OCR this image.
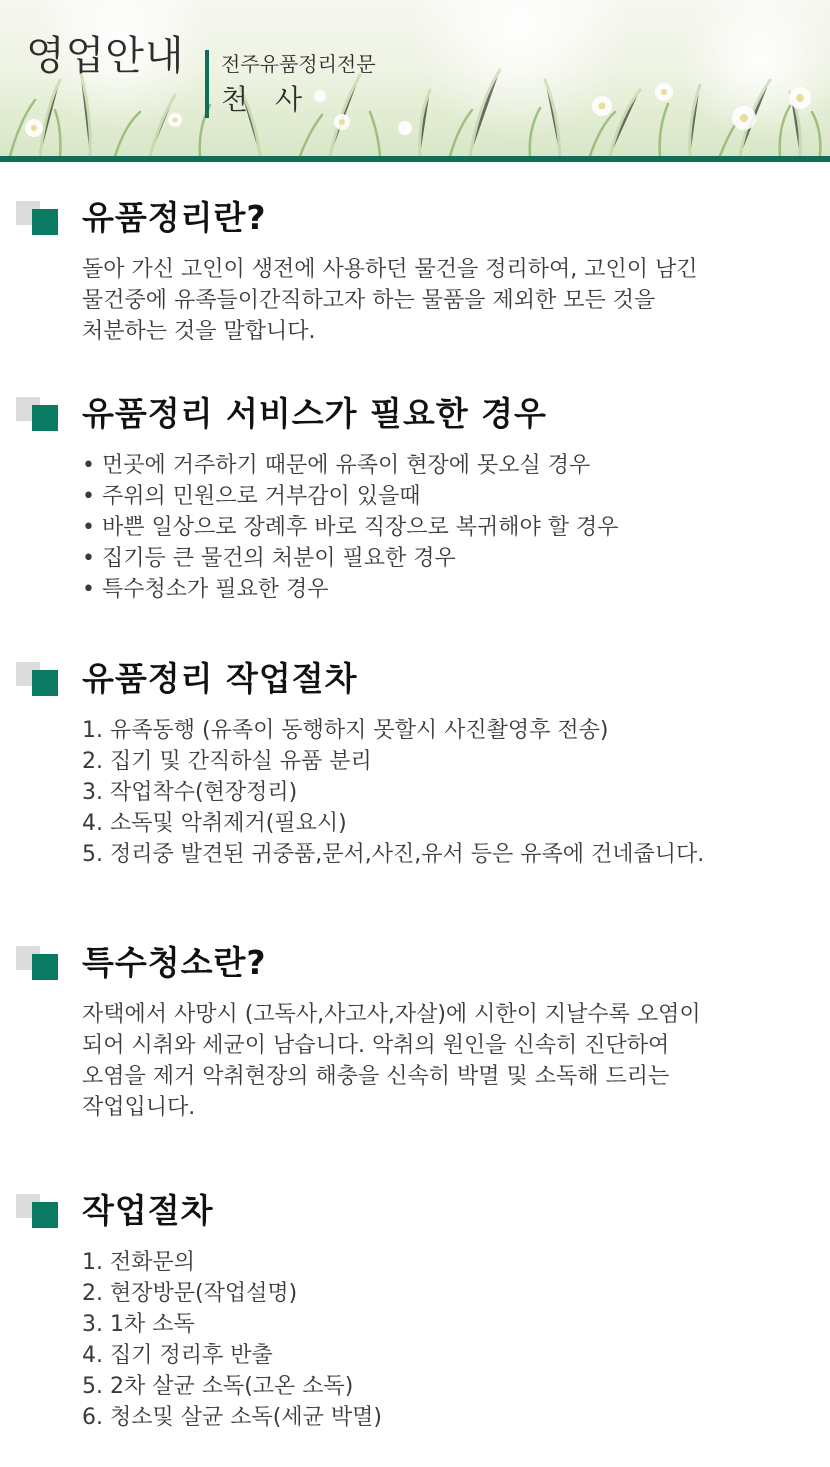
영업안내 전주유품정리전문
천 사
유품정리란?
돌아 가신 고인이 생전에 사용하던 물건을 정리하여, 고인이 남긴
물건중에 유족들이간직하고자 하는 물품을 제외한 모든 것을
처분하는 것을 말합니다.
유품정리 서비스가 필요한 경우
• 먼곳에 거주하기 때문에 유족이 현장에 못오실 경우
• 주위의 민원으로 거부감이 있을때
• 바쁜 일상으로 장례후 바로 직장으로 복귀해야 할 경우
• 집기등 큰 물건의 처분이 필요한 경우
• 특수청소가 필요한 경우
유품정리 작업절차
1. 유족동행 (유족이 동행하지 못할시 사진촬영후 전송)
2. 집기 및 간직하실 유품 분리
3. 작업착수(현장정리)
4. 소독및 악취제거(필요시)
5. 정리중 발견된 귀중품,문서,사진,유서 등은 유족에 건네줍니다.
특수청소란?
자택에서 사망시 (고독사,사고사,자살)에 시한이 지날수록 오염이
되어 시취와 세균이 남습니다. 악취의 원인을 신속히 진단하여
오염을 제거 악취현장의 해충을 신속히 박멸 및 소독해 드리는
작업입니다.
작업절차
1. 전화문의
2. 현장방문(작업설명)
3. 1차 소독
4. 집기 정리후 반출
5. 2차 살균 소독(고온 소독)
6. 청소및 살균 소독(세균 박멸)
